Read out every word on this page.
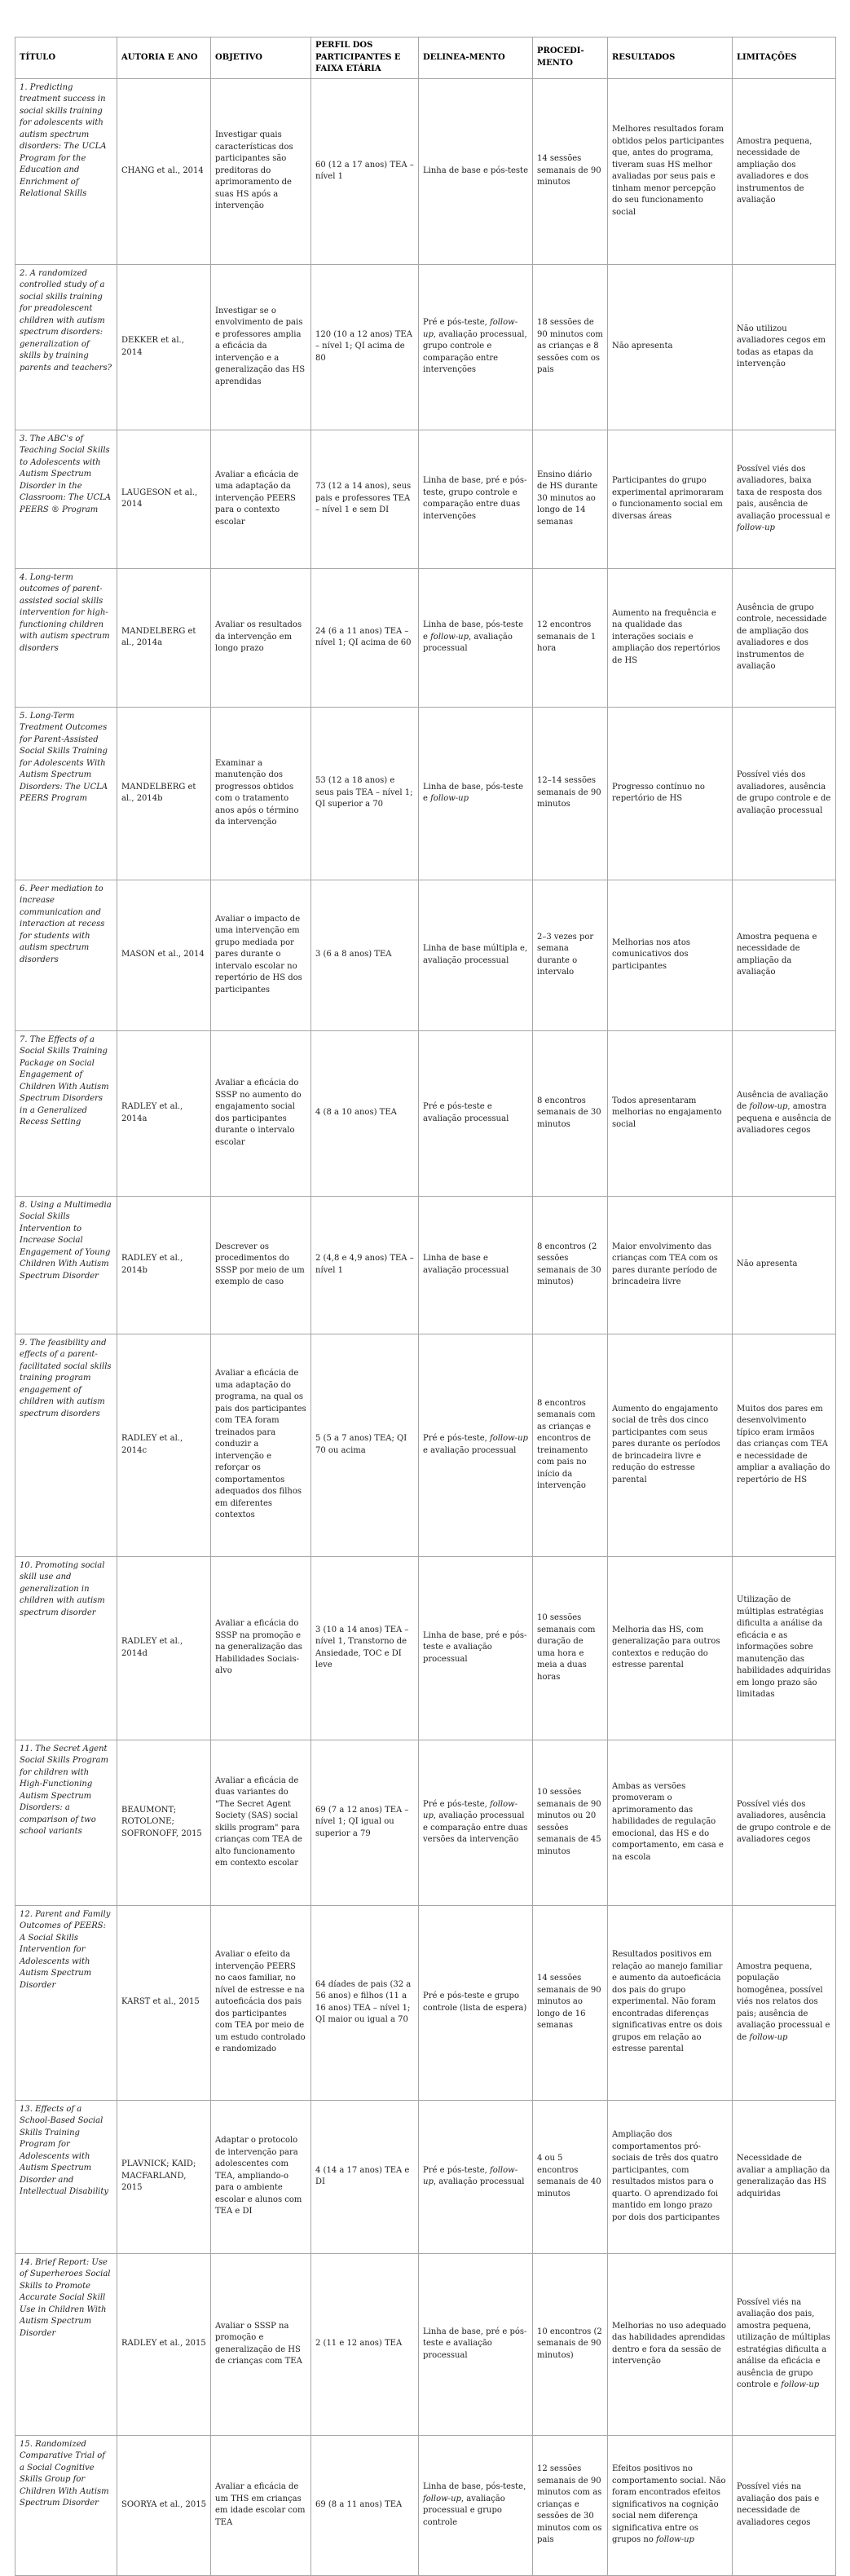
TÍTULO	AUTORIA E ANO	OBJETIVO	PERFIL DOS PARTICIPANTES E FAIXA ETÁRIA	DELINEA-MENTO	PROCEDI-MENTO	RESULTADOS	LIMITAÇÕES
1. Predicting treatment success in social skills training for adolescents with autism spectrum disorders: The UCLA Program for the Education and Enrichment of Relational Skills	CHANG et al., 2014	Investigar quais características dos participantes são preditoras do aprimoramento de suas HS após a intervenção	60 (12 a 17 anos) TEA – nível 1	Linha de base e pós-teste	14 sessões semanais de 90 minutos	Melhores resultados foram obtidos pelos participantes que, antes do programa, tiveram suas HS melhor avaliadas por seus pais e tinham menor percepção do seu funcionamento social	Amostra pequena, necessidade de ampliação dos avaliadores e dos instrumentos de avaliação
2. A randomized controlled study of a social skills training for preadolescent children with autism spectrum disorders: generalization of skills by training parents and teachers?	DEKKER et al., 2014	Investigar se o envolvimento de pais e professores amplia a eficácia da intervenção e a generalização das HS aprendidas	120 (10 a 12 anos) TEA – nível 1; QI acima de 80	Pré e pós-teste, follow-up, avaliação processual, grupo controle e comparação entre intervenções	18 sessões de 90 minutos com as crianças e 8 sessões com os pais	Não apresenta	Não utilizou avaliadores cegos em todas as etapas da intervenção
3. The ABC's of Teaching Social Skills to Adolescents with Autism Spectrum Disorder in the Classroom: The UCLA PEERS ® Program	LAUGESON et al., 2014	Avaliar a eficácia de uma adaptação da intervenção PEERS para o contexto escolar	73 (12 a 14 anos), seus pais e professores TEA – nível 1 e sem DI	Linha de base, pré e pós-teste, grupo controle e comparação entre duas intervenções	Ensino diário de HS durante 30 minutos ao longo de 14 semanas	Participantes do grupo experimental aprimoraram o funcionamento social em diversas áreas	Possível viés dos avaliadores, baixa taxa de resposta dos pais, ausência de avaliação processual e follow-up
4. Long-term outcomes of parent-assisted social skills intervention for high-functioning children with autism spectrum disorders	MANDELBERG et al., 2014a	Avaliar os resultados da intervenção em longo prazo	24 (6 a 11 anos) TEA – nível 1; QI acima de 60	Linha de base, pós-teste e follow-up, avaliação processual	12 encontros semanais de 1 hora	Aumento na frequência e na qualidade das interações sociais e ampliação dos repertórios de HS	Ausência de grupo controle, necessidade de ampliação dos avaliadores e dos instrumentos de avaliação
5. Long-Term Treatment Outcomes for Parent-Assisted Social Skills Training for Adolescents With Autism Spectrum Disorders: The UCLA PEERS Program	MANDELBERG et al., 2014b	Examinar a manutenção dos progressos obtidos com o tratamento anos após o término da intervenção	53 (12 a 18 anos) e seus pais TEA – nível 1; QI superior a 70	Linha de base, pós-teste e follow-up	12–14 sessões semanais de 90 minutos	Progresso contínuo no repertório de HS	Possível viés dos avaliadores, ausência de grupo controle e de avaliação processual
6. Peer mediation to increase communication and interaction at recess for students with autism spectrum disorders	MASON et al., 2014	Avaliar o impacto de uma intervenção em grupo mediada por pares durante o intervalo escolar no repertório de HS dos participantes	3 (6 a 8 anos) TEA	Linha de base múltipla e, avaliação processual	2–3 vezes por semana durante o intervalo	Melhorias nos atos comunicativos dos participantes	Amostra pequena e necessidade de ampliação da avaliação
7. The Effects of a Social Skills Training Package on Social Engagement of Children With Autism Spectrum Disorders in a Generalized Recess Setting	RADLEY et al., 2014a	Avaliar a eficácia do SSSP no aumento do engajamento social dos participantes durante o intervalo escolar	4 (8 a 10 anos) TEA	Pré e pós-teste e avaliação processual	8 encontros semanais de 30 minutos	Todos apresentaram melhorias no engajamento social	Ausência de avaliação de follow-up, amostra pequena e ausência de avaliadores cegos
8. Using a Multimedia Social Skills Intervention to Increase Social Engagement of Young Children With Autism Spectrum Disorder	RADLEY et al., 2014b	Descrever os procedimentos do SSSP por meio de um exemplo de caso	2 (4,8 e 4,9 anos) TEA – nível 1	Linha de base e avaliação processual	8 encontros (2 sessões semanais de 30 minutos)	Maior envolvimento das crianças com TEA com os pares durante período de brincadeira livre	Não apresenta
9. The feasibility and effects of a parent-facilitated social skills training program engagement of children with autism spectrum disorders	RADLEY et al., 2014c	Avaliar a eficácia de uma adaptação do programa, na qual os pais dos participantes com TEA foram treinados para conduzir a intervenção e reforçar os comportamentos adequados dos filhos em diferentes contextos	5 (5 a 7 anos) TEA; QI 70 ou acima	Pré e pós-teste, follow-up e avaliação processual	8 encontros semanais com as crianças e encontros de treinamento com pais no início da intervenção	Aumento do engajamento social de três dos cinco participantes com seus pares durante os períodos de brincadeira livre e redução do estresse parental	Muitos dos pares em desenvolvimento típico eram irmãos das crianças com TEA e necessidade de ampliar a avaliação do repertório de HS
10. Promoting social skill use and generalization in children with autism spectrum disorder	RADLEY et al., 2014d	Avaliar a eficácia do SSSP na promoção e na generalização das Habilidades Sociais-alvo	3 (10 a 14 anos) TEA – nível 1, Transtorno de Ansiedade, TOC e DI leve	Linha de base, pré e pós-teste e avaliação processual	10 sessões semanais com duração de uma hora e meia a duas horas	Melhoria das HS, com generalização para outros contextos e redução do estresse parental	Utilização de múltiplas estratégias dificulta a análise da eficácia e as informações sobre manutenção das habilidades adquiridas em longo prazo são limitadas
11. The Secret Agent Social Skills Program for children with High-Functioning Autism Spectrum Disorders: a comparison of two school variants	BEAUMONT; ROTOLONE; SOFRONOFF, 2015	Avaliar a eficácia de duas variantes do "The Secret Agent Society (SAS) social skills program" para crianças com TEA de alto funcionamento em contexto escolar	69 (7 a 12 anos) TEA – nível 1; QI igual ou superior a 79	Pré e pós-teste, follow-up, avaliação processual e comparação entre duas versões da intervenção	10 sessões semanais de 90 minutos ou 20 sessões semanais de 45 minutos	Ambas as versões promoveram o aprimoramento das habilidades de regulação emocional, das HS e do comportamento, em casa e na escola	Possível viés dos avaliadores, ausência de grupo controle e de avaliadores cegos
12. Parent and Family Outcomes of PEERS: A Social Skills Intervention for Adolescents with Autism Spectrum Disorder	KARST et al., 2015	Avaliar o efeito da intervenção PEERS no caos familiar, no nível de estresse e na autoeficácia dos pais dos participantes com TEA por meio de um estudo controlado e randomizado	64 díades de pais (32 a 56 anos) e filhos (11 a 16 anos) TEA – nível 1; QI maior ou igual a 70	Pré e pós-teste e grupo controle (lista de espera)	14 sessões semanais de 90 minutos ao longo de 16 semanas	Resultados positivos em relação ao manejo familiar e aumento da autoeficácia dos pais do grupo experimental. Não foram encontradas diferenças significativas entre os dois grupos em relação ao estresse parental	Amostra pequena, população homogênea, possível viés nos relatos dos pais; ausência de avaliação processual e de follow-up
13. Effects of a School-Based Social Skills Training Program for Adolescents with Autism Spectrum Disorder and Intellectual Disability	PLAVNICK; KAID; MACFARLAND, 2015	Adaptar o protocolo de intervenção para adolescentes com TEA, ampliando-o para o ambiente escolar e alunos com TEA e DI	4 (14 a 17 anos) TEA e DI	Pré e pós-teste, follow-up, avaliação processual	4 ou 5 encontros semanais de 40 minutos	Ampliação dos comportamentos pró-sociais de três dos quatro participantes, com resultados mistos para o quarto. O aprendizado foi mantido em longo prazo por dois dos participantes	Necessidade de avaliar a ampliação da generalização das HS adquiridas
14. Brief Report: Use of Superheroes Social Skills to Promote Accurate Social Skill Use in Children With Autism Spectrum Disorder	RADLEY et al., 2015	Avaliar o SSSP na promoção e generalização de HS de crianças com TEA	2 (11 e 12 anos) TEA	Linha de base, pré e pós-teste e avaliação processual	10 encontros (2 semanais de 90 minutos)	Melhorias no uso adequado das habilidades aprendidas dentro e fora da sessão de intervenção	Possível viés na avaliação dos pais, amostra pequena, utilização de múltiplas estratégias dificulta a análise da eficácia e ausência de grupo controle e follow-up
15. Randomized Comparative Trial of a Social Cognitive Skills Group for Children With Autism Spectrum Disorder	SOORYA et al., 2015	Avaliar a eficácia de um THS em crianças em idade escolar com TEA	69 (8 a 11 anos) TEA	Linha de base, pós-teste, follow-up, avaliação processual e grupo controle	12 sessões semanais de 90 minutos com as crianças e sessões de 30 minutos com os pais	Efeitos positivos no comportamento social. Não foram encontrados efeitos significativos na cognição social nem diferença significativa entre os grupos no follow-up	Possível viés na avaliação dos pais e necessidade de avaliadores cegos
